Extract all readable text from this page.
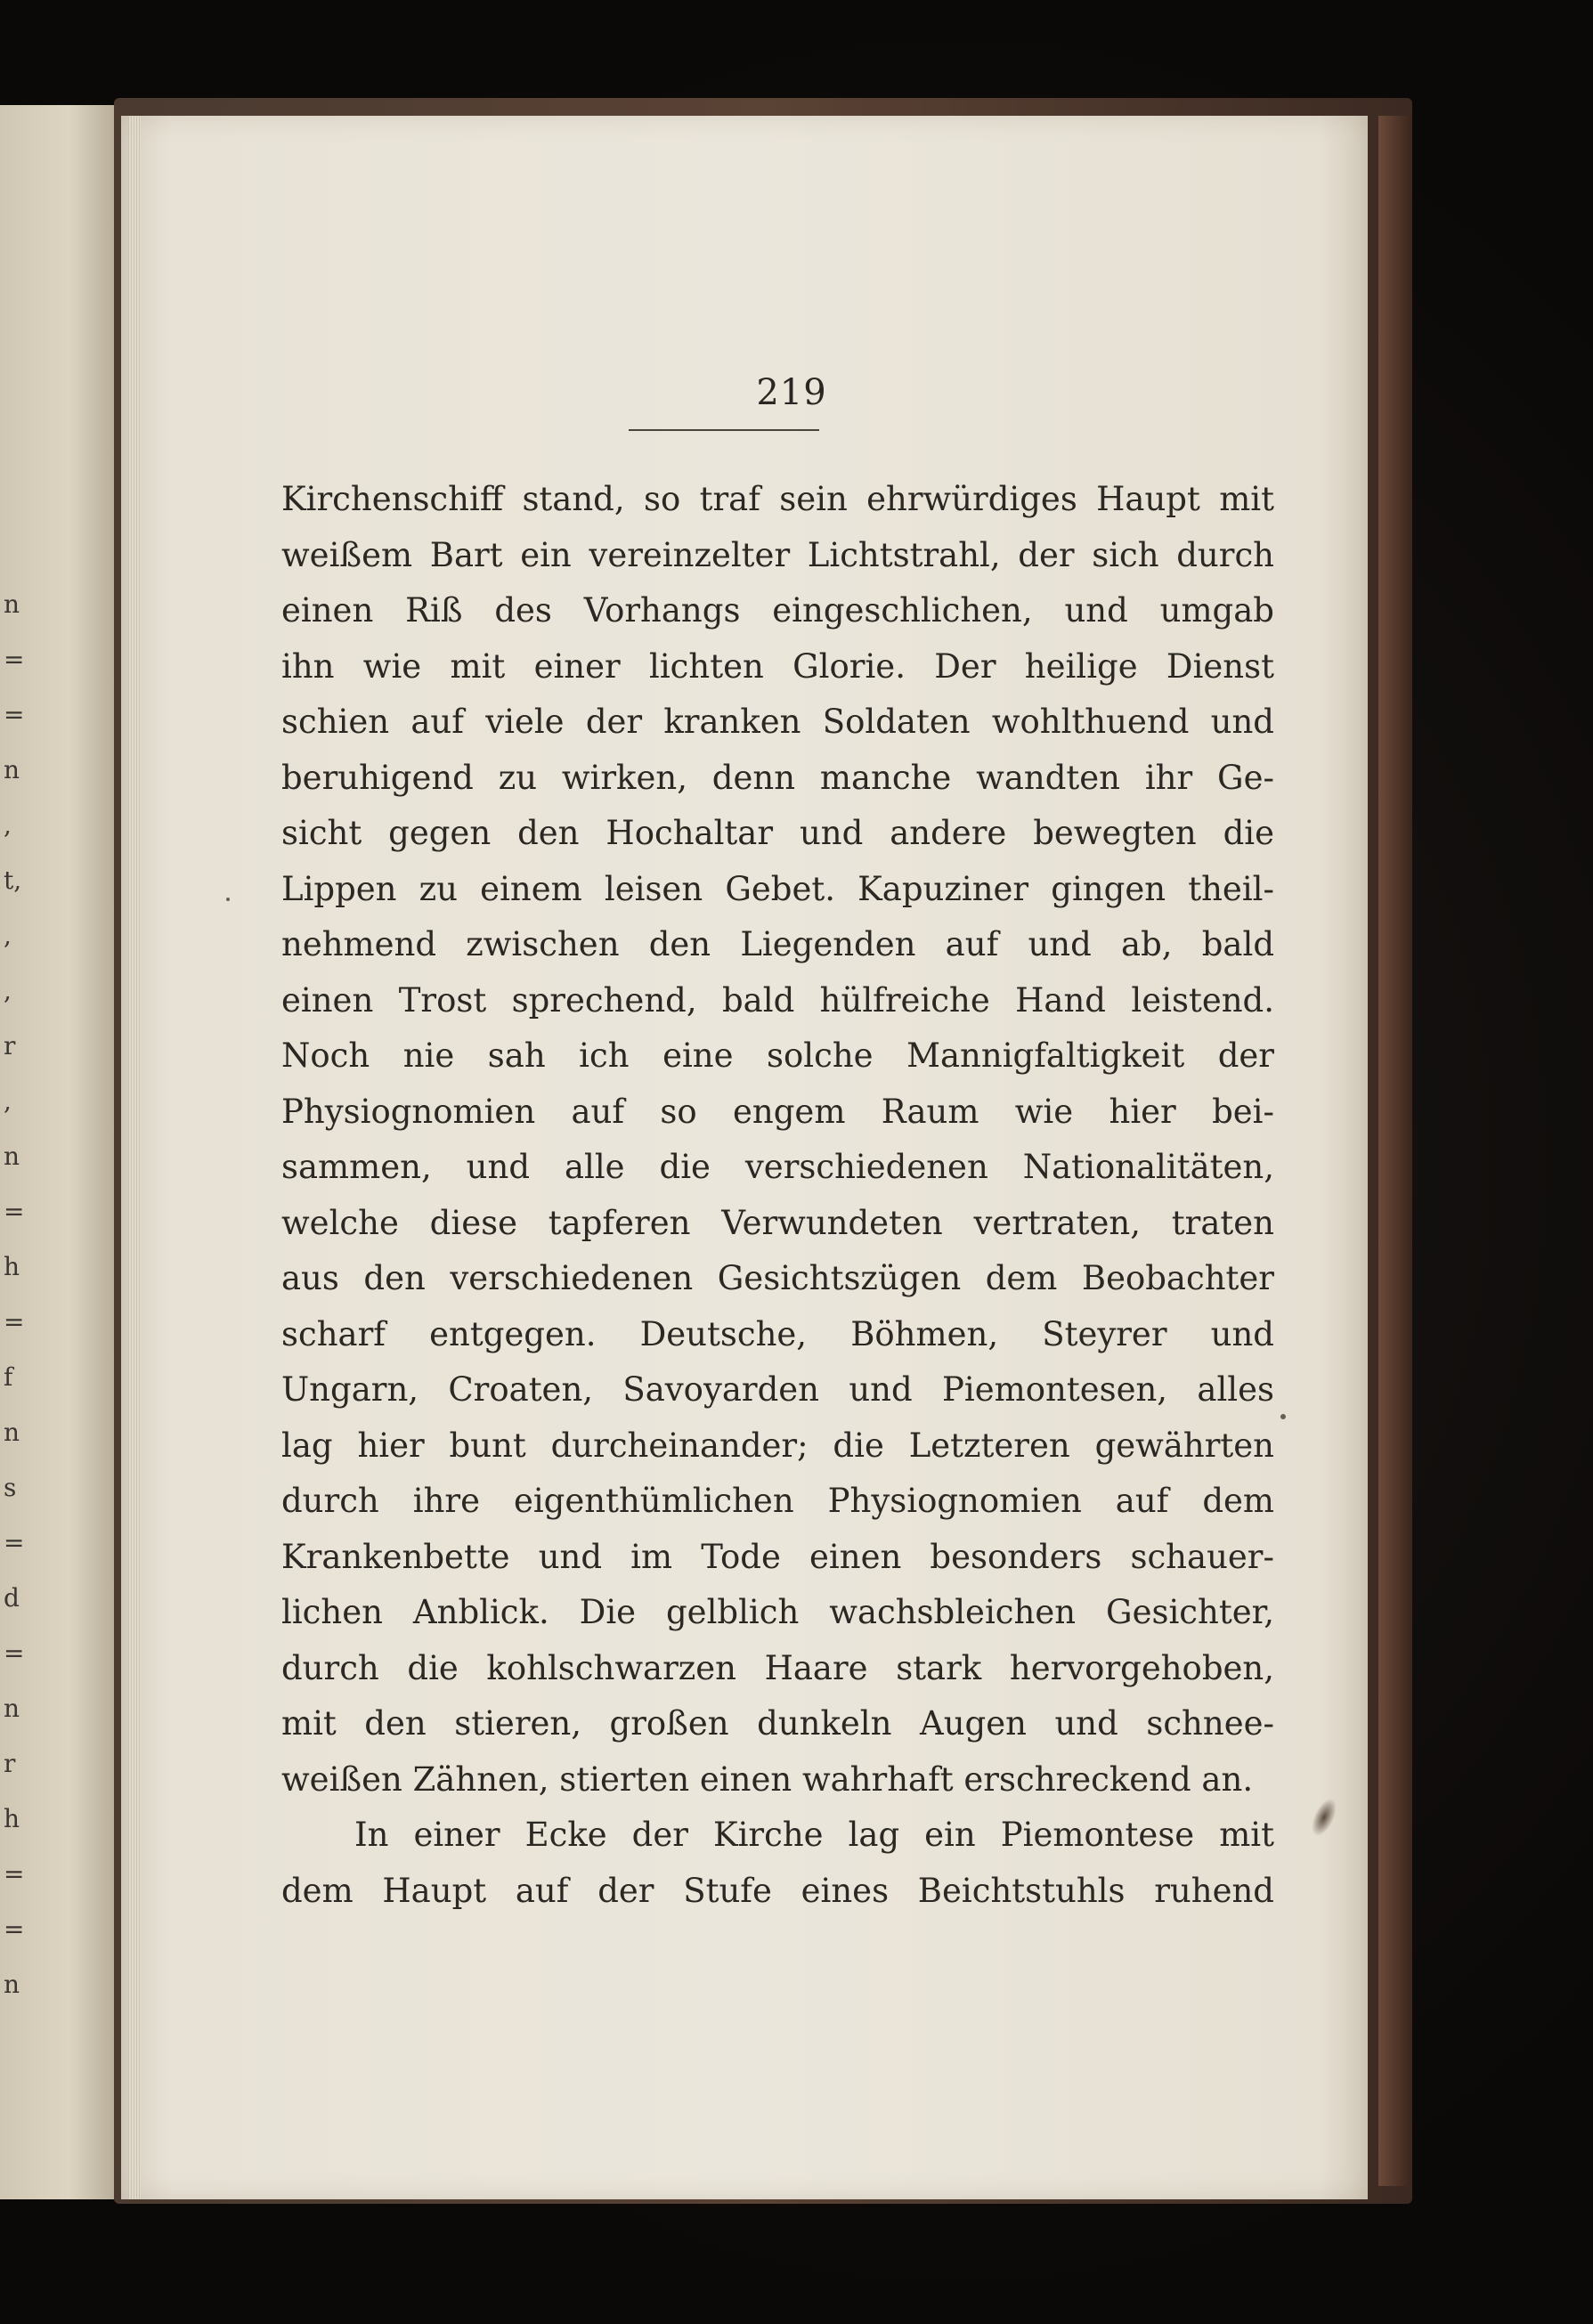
n
=
=
n
,
t,
,
,
r
,
n
=
h
=
f
n
s
=
d
=
n
r
h
=
=
n
219
Kirchenschiff stand, so traf sein ehrwürdiges Haupt mit
weißem Bart ein vereinzelter Lichtstrahl, der sich durch
einen Riß des Vorhangs eingeschlichen, und umgab
ihn wie mit einer lichten Glorie. Der heilige Dienst
schien auf viele der kranken Soldaten wohlthuend und
beruhigend zu wirken, denn manche wandten ihr Ge-
sicht gegen den Hochaltar und andere bewegten die
Lippen zu einem leisen Gebet. Kapuziner gingen theil-
nehmend zwischen den Liegenden auf und ab, bald
einen Trost sprechend, bald hülfreiche Hand leistend.
Noch nie sah ich eine solche Mannigfaltigkeit der
Physiognomien auf so engem Raum wie hier bei-
sammen, und alle die verschiedenen Nationalitäten,
welche diese tapferen Verwundeten vertraten, traten
aus den verschiedenen Gesichtszügen dem Beobachter
scharf entgegen. Deutsche, Böhmen, Steyrer und
Ungarn, Croaten, Savoyarden und Piemontesen, alles
lag hier bunt durcheinander; die Letzteren gewährten
durch ihre eigenthümlichen Physiognomien auf dem
Krankenbette und im Tode einen besonders schauer-
lichen Anblick. Die gelblich wachsbleichen Gesichter,
durch die kohlschwarzen Haare stark hervorgehoben,
mit den stieren, großen dunkeln Augen und schnee-
weißen Zähnen, stierten einen wahrhaft erschreckend an.
In einer Ecke der Kirche lag ein Piemontese mit
dem Haupt auf der Stufe eines Beichtstuhls ruhend
